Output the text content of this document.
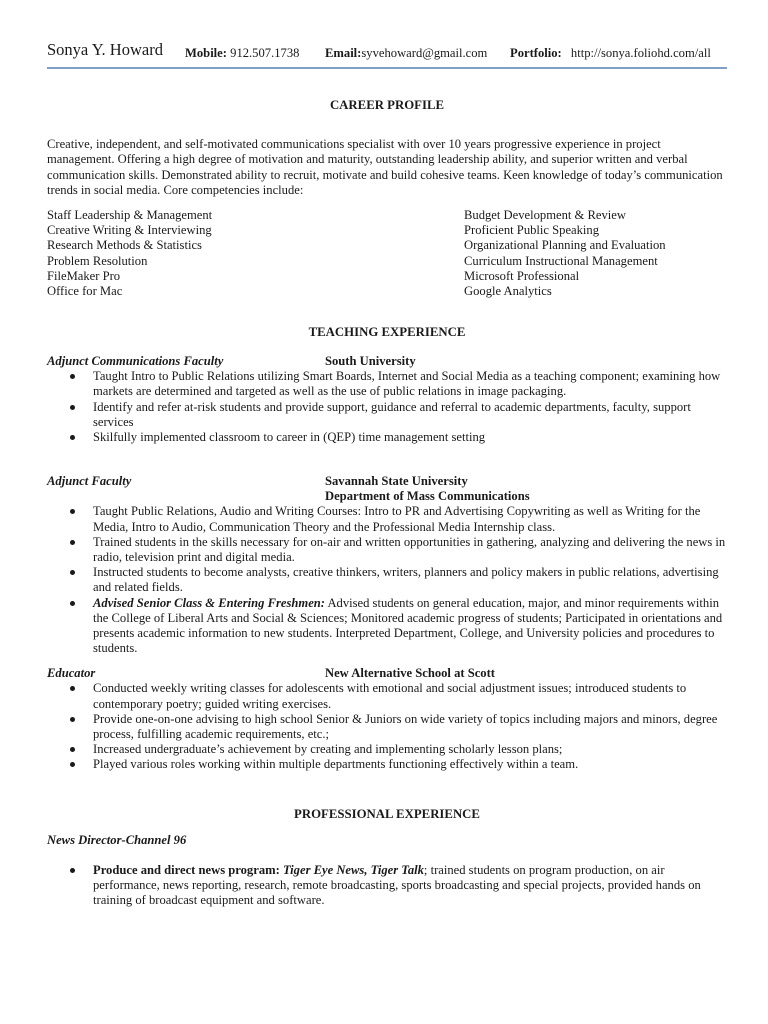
Sonya Y. Howard Mobile: 912.507.1738 Email:syvehoward@gmail.com Portfolio: http://sonya.foliohd.com/all

CAREER PROFILE

Creative, independent, and self-motivated communications specialist with over 10 years progressive experience in project management. Offering a high degree of motivation and maturity, outstanding leadership ability, and superior written and verbal communication skills. Demonstrated ability to recruit, motivate and build cohesive teams. Keen knowledge of today’s communication trends in social media. Core competencies include:

Staff Leadership & Management
Creative Writing & Interviewing
Research Methods & Statistics
Problem Resolution
FileMaker Pro
Office for Mac
Budget Development & Review
Proficient Public Speaking
Organizational Planning and Evaluation
Curriculum Instructional Management
Microsoft Professional
Google Analytics

TEACHING EXPERIENCE

Adjunct Communications Faculty	South University
Taught Intro to Public Relations utilizing Smart Boards, Internet and Social Media as a teaching component; examining how markets are determined and targeted as well as the use of public relations in image packaging.
Identify and refer at-risk students and provide support, guidance and referral to academic departments, faculty, support services
Skilfully implemented classroom to career in (QEP) time management setting
Adjunct Faculty	Savannah State University
Department of Mass Communications
Taught Public Relations, Audio and Writing Courses: Intro to PR and Advertising Copywriting as well as Writing for the Media, Intro to Audio, Communication Theory and the Professional Media Internship class.
Trained students in the skills necessary for on-air and written opportunities in gathering, analyzing and delivering the news in radio, television print and digital media.
Instructed students to become analysts, creative thinkers, writers, planners and policy makers in public relations, advertising and related fields.
Advised Senior Class & Entering Freshmen: Advised students on general education, major, and minor requirements within the College of Liberal Arts and Social & Sciences; Monitored academic progress of students; Participated in orientations and presents academic information to new students. Interpreted Department, College, and University policies and procedures to students.
Educator	New Alternative School at Scott
Conducted weekly writing classes for adolescents with emotional and social adjustment issues; introduced students to contemporary poetry; guided writing exercises.
Provide one-on-one advising to high school Senior & Juniors on wide variety of topics including majors and minors, degree process, fulfilling academic requirements, etc.;
Increased undergraduate’s achievement by creating and implementing scholarly lesson plans;
Played various roles working within multiple departments functioning effectively within a team.

PROFESSIONAL EXPERIENCE

News Director-Channel 96
Produce and direct news program: Tiger Eye News, Tiger Talk; trained students on program production, on air performance, news reporting, research, remote broadcasting, sports broadcasting and special projects, provided hands on training of broadcast equipment and software.
